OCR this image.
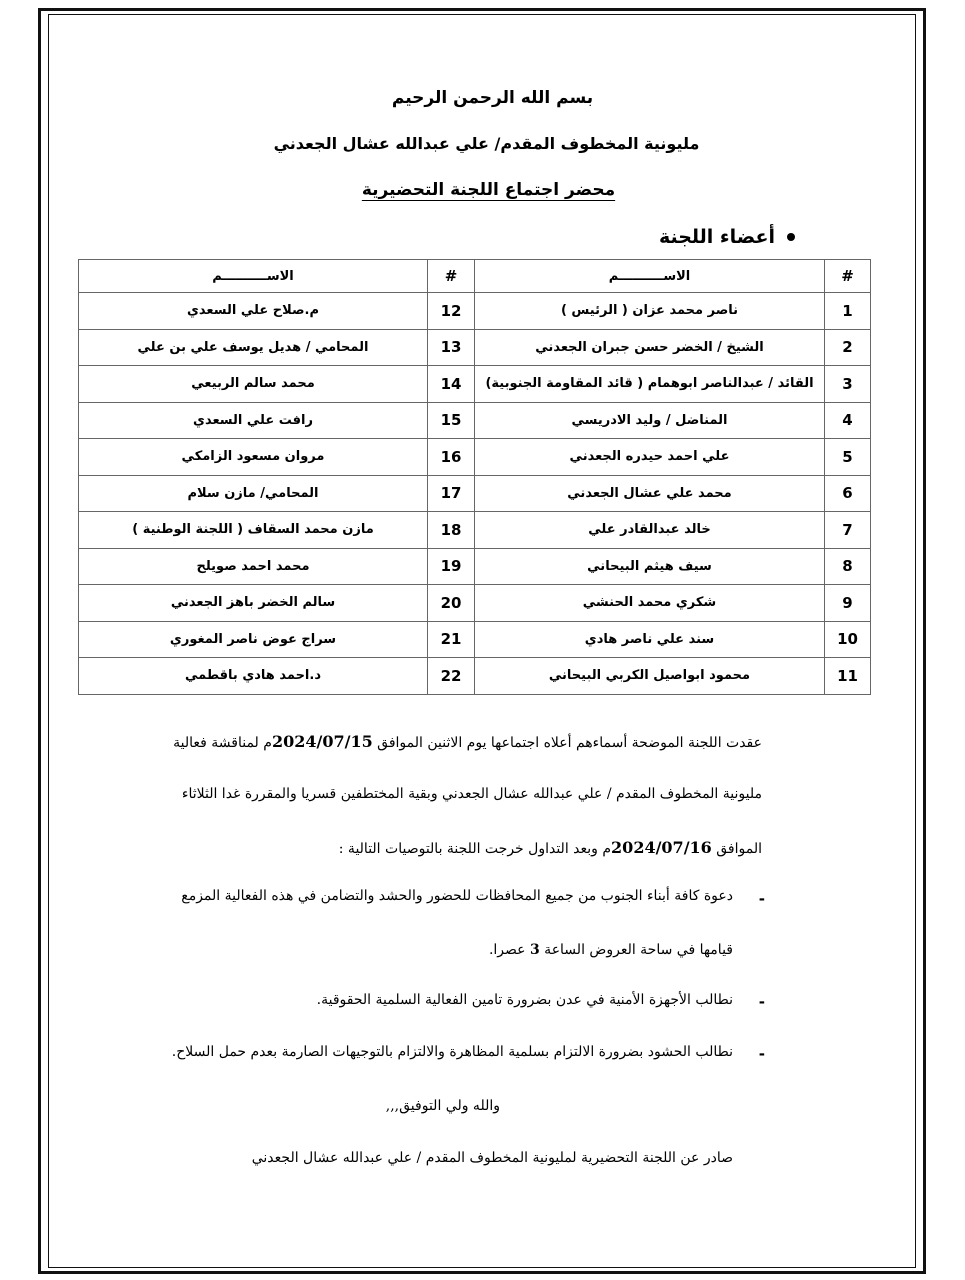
بسم الله الرحمن الرحيم
مليونية المخطوف المقدم/ علي عبدالله عشال الجعدني
محضر اجتماع اللجنة التحضيرية
أعضاء اللجنة
#	الاســــــــــم	#	الاســــــــــم
1	ناصر محمد عزان ( الرئيس )	12	م.صلاح علي السعدي
2	الشيخ / الخضر حسن جبران الجعدني	13	المحامي / هديل يوسف علي بن علي
3	القائد / عبدالناصر ابوهمام ( قائد المقاومة الجنوبية)	14	محمد سالم الربيعي
4	المناضل / وليد الادريسي	15	رافت علي السعدي
5	علي احمد حيدره الجعدني	16	مروان مسعود الزامكي
6	محمد علي عشال الجعدني	17	المحامي/ مازن سلام
7	خالد عبدالقادر علي	18	مازن محمد السقاف ( اللجنة الوطنية )
8	سيف هيثم البيحاني	19	محمد احمد صويلح
9	شكري محمد الحنشي	20	سالم الخضر باهز الجعدني
10	سند علي ناصر هادي	21	سراج عوض ناصر المغوري
11	محمود ابواصيل الكربي البيحاني	22	د.احمد هادي باقطمي
عقدت اللجنة الموضحة أسماءهم أعلاه اجتماعها يوم الاثنين الموافق 2024/07/15م لمناقشة فعالية
مليونية المخطوف المقدم / علي عبدالله عشال الجعدني وبقية المختطفين قسريا والمقررة غدا الثلاثاء
الموافق 2024/07/16م وبعد التداول خرجت اللجنة بالتوصيات التالية :
-
دعوة كافة أبناء الجنوب من جميع المحافظات للحضور والحشد والتضامن في هذه الفعالية المزمع
قيامها في ساحة العروض الساعة 3 عصرا.
-
نطالب الأجهزة الأمنية في عدن بضرورة تامين الفعالية السلمية الحقوقية.
-
نطالب الحشود بضرورة الالتزام بسلمية المظاهرة والالتزام بالتوجيهات الصارمة بعدم حمل السلاح.
والله ولي التوفيق,,,
صادر عن اللجنة التحضيرية لمليونية المخطوف المقدم / علي عبدالله عشال الجعدني
